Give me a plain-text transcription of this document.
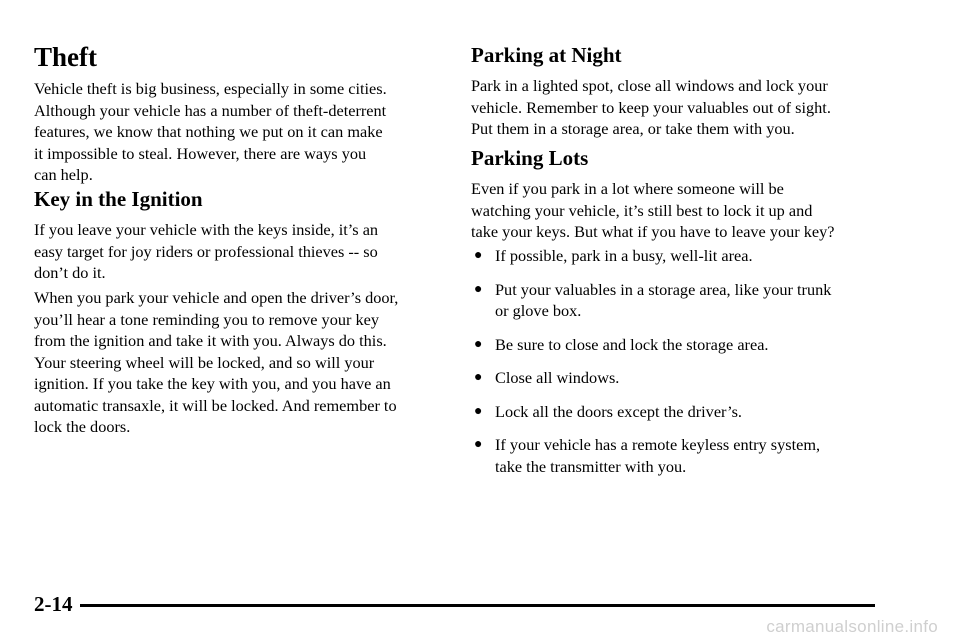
Theft

Vehicle theft is big business, especially in some cities.
Although your vehicle has a number of theft-deterrent
features, we know that nothing we put on it can make
it impossible to steal. However, there are ways you
can help.

Key in the Ignition

If you leave your vehicle with the keys inside, it’s an
easy target for joy riders or professional thieves -- so
don’t do it.

When you park your vehicle and open the driver’s door,
you’ll hear a tone reminding you to remove your key
from the ignition and take it with you. Always do this.
Your steering wheel will be locked, and so will your
ignition. If you take the key with you, and you have an
automatic transaxle, it will be locked. And remember to
lock the doors.

Parking at Night

Park in a lighted spot, close all windows and lock your
vehicle. Remember to keep your valuables out of sight.
Put them in a storage area, or take them with you.

Parking Lots

Even if you park in a lot where someone will be
watching your vehicle, it’s still best to lock it up and
take your keys. But what if you have to leave your key?

● If possible, park in a busy, well-lit area.
● Put your valuables in a storage area, like your trunk
or glove box.
● Be sure to close and lock the storage area.
● Close all windows.
● Lock all the doors except the driver’s.
● If your vehicle has a remote keyless entry system,
take the transmitter with you.
2-14
carmanualsonline.info
